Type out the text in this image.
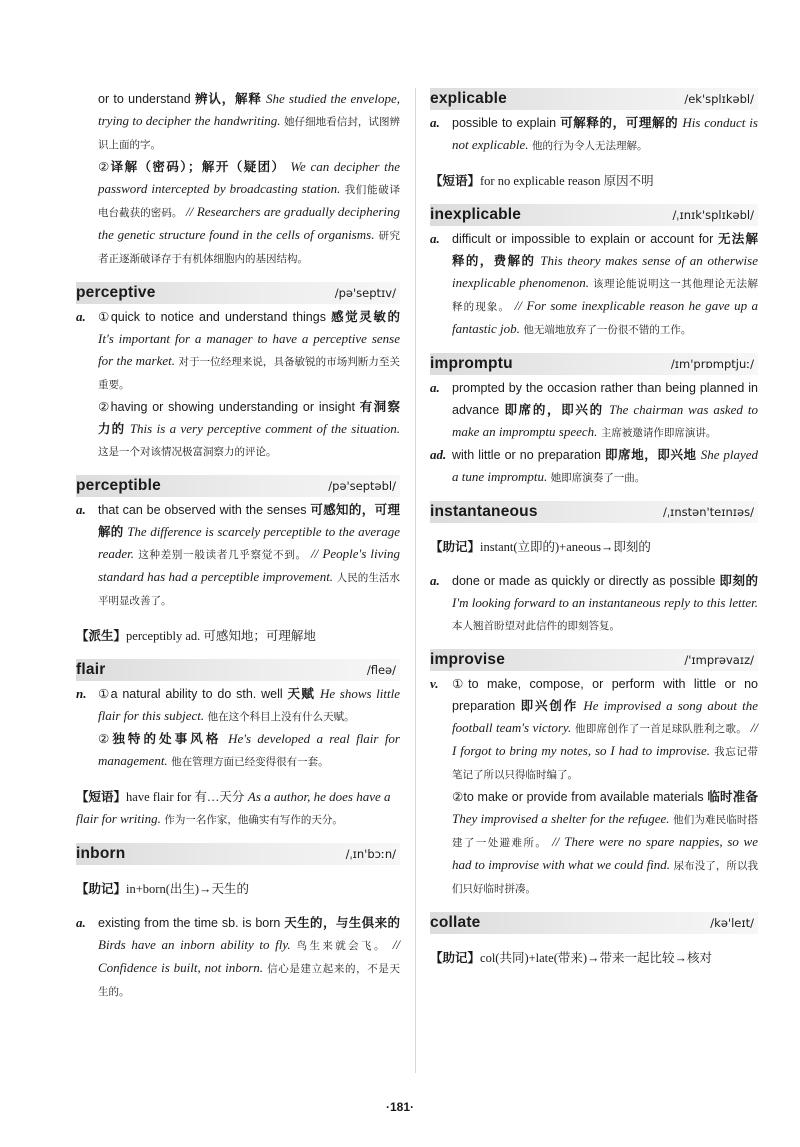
or to understand 辨认，解释 She studied the envelope, trying to decipher the handwriting. 她仔细地看信封，试图辨识上面的字。

②译解（密码）；解开（疑团） We can decipher the password intercepted by broadcasting station. 我们能破译电台截获的密码。 // Researchers are gradually deciphering the genetic structure found in the cells of organisms. 研究者正逐渐破译存于有机体细胞内的基因结构。

perceptive	/pə'septɪv/
a. ①quick to notice and understand things 感觉灵敏的 It's important for a manager to have a perceptive sense for the market. 对于一位经理来说，具备敏锐的市场判断力至关重要。

②having or showing understanding or insight 有洞察力的 This is a very perceptive comment of the situation. 这是一个对该情况极富洞察力的评论。

perceptible	/pə'septəbl/
a. that can be observed with the senses 可感知的，可理解的 The difference is scarcely perceptible to the average reader. 这种差别一般读者几乎察觉不到。 // People's living standard has had a perceptible improvement. 人民的生活水平明显改善了。

【派生】perceptibly ad. 可感知地；可理解地

flair	/fleə/
n. ①a natural ability to do sth. well 天赋 He shows little flair for this subject. 他在这个科目上没有什么天赋。

②独特的处事风格 He's developed a real flair for management. 他在管理方面已经变得很有一套。

【短语】have flair for 有…天分 As a author, he does have a flair for writing. 作为一名作家，他确实有写作的天分。

inborn	/ˌɪn'bɔːn/

【助记】in+born(出生)→天生的

a. existing from the time sb. is born 天生的，与生俱来的 Birds have an inborn ability to fly. 鸟生来就会飞。 // Confidence is built, not inborn. 信心是建立起来的，不是天生的。

explicable	/ek'splɪkəbl/
a. possible to explain 可解释的，可理解的 His conduct is not explicable. 他的行为令人无法理解。

【短语】for no explicable reason 原因不明

inexplicable	/ˌɪnɪk'splɪkəbl/
a. difficult or impossible to explain or account for 无法解释的，费解的 This theory makes sense of an otherwise inexplicable phenomenon. 该理论能说明这一其他理论无法解释的现象。 // For some inexplicable reason he gave up a fantastic job. 他无端地放弃了一份很不错的工作。

impromptu	/ɪm'prɒmptjuː/
a. prompted by the occasion rather than being planned in advance 即席的，即兴的 The chairman was asked to make an impromptu speech. 主席被邀请作即席演讲。

ad. with little or no preparation 即席地，即兴地 She played a tune impromptu. 她即席演奏了一曲。

instantaneous	/ˌɪnstən'teɪnɪəs/

【助记】instant(立即的)+aneous→即刻的

a. done or made as quickly or directly as possible 即刻的 I'm looking forward to an instantaneous reply to this letter. 本人翘首盼望对此信件的即刻答复。

improvise	/'ɪmprəvaɪz/
v.	①to make, compose, or perform with little or no preparation 即兴创作 He improvised a song about the football team's victory. 他即席创作了一首足球队胜利之歌。 // I forgot to bring my notes, so I had to improvise. 我忘记带笔记了所以只得临时编了。

②to make or provide from available materials 临时准备 They improvised a shelter for the refugee. 他们为难民临时搭建了一处避难所。 // There were no spare nappies, so we had to improvise with what we could find. 尿布没了，所以我们只好临时拼凑。

collate	/kə'leɪt/

【助记】col(共同)+late(带来)→带来一起比较→核对

·181·
